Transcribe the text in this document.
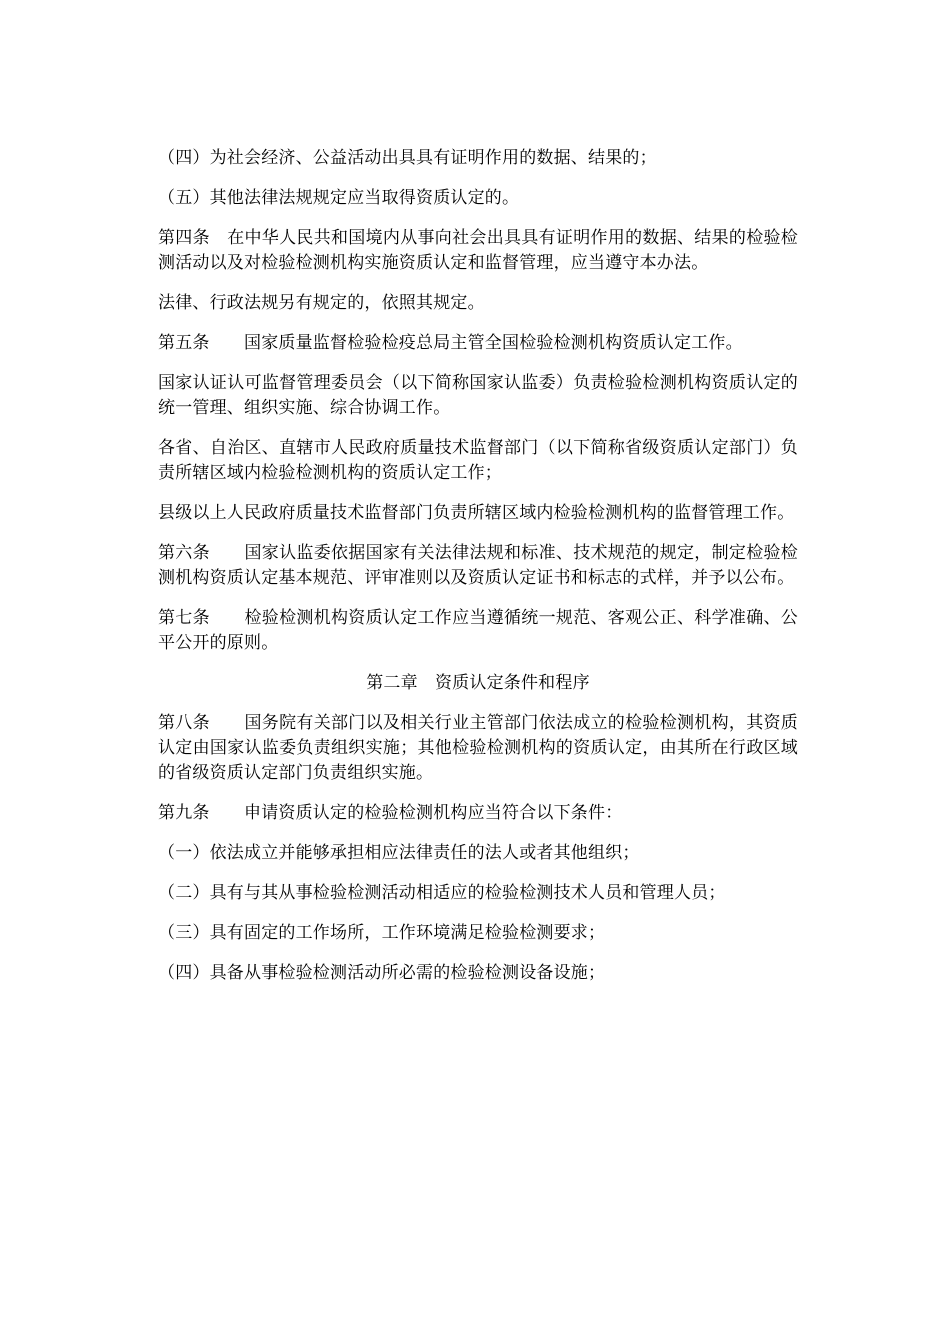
（四）为社会经济、公益活动出具具有证明作用的数据、结果的；

（五）其他法律法规规定应当取得资质认定的。

第四条　在中华人民共和国境内从事向社会出具具有证明作用的数据、结果的检验检测活动以及对检验检测机构实施资质认定和监督管理，应当遵守本办法。

法律、行政法规另有规定的，依照其规定。

第五条　　国家质量监督检验检疫总局主管全国检验检测机构资质认定工作。

国家认证认可监督管理委员会（以下简称国家认监委）负责检验检测机构资质认定的统一管理、组织实施、综合协调工作。

各省、自治区、直辖市人民政府质量技术监督部门（以下简称省级资质认定部门）负责所辖区域内检验检测机构的资质认定工作；

县级以上人民政府质量技术监督部门负责所辖区域内检验检测机构的监督管理工作。

第六条　　国家认监委依据国家有关法律法规和标准、技术规范的规定，制定检验检测机构资质认定基本规范、评审准则以及资质认定证书和标志的式样，并予以公布。

第七条　　检验检测机构资质认定工作应当遵循统一规范、客观公正、科学准确、公平公开的原则。

第二章　资质认定条件和程序

第八条　　国务院有关部门以及相关行业主管部门依法成立的检验检测机构，其资质认定由国家认监委负责组织实施；其他检验检测机构的资质认定，由其所在行政区域的省级资质认定部门负责组织实施。

第九条　　申请资质认定的检验检测机构应当符合以下条件：

（一）依法成立并能够承担相应法律责任的法人或者其他组织；

（二）具有与其从事检验检测活动相适应的检验检测技术人员和管理人员；

（三）具有固定的工作场所，工作环境满足检验检测要求；

（四）具备从事检验检测活动所必需的检验检测设备设施；
